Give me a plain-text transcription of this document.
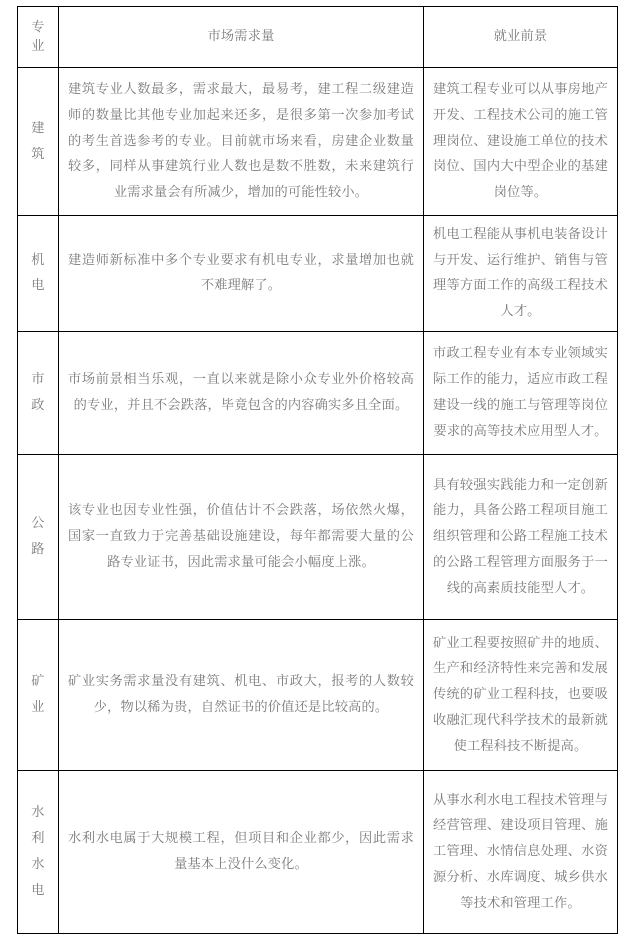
专业	市场需求量	就业前景
建筑	建筑专业人数最多，需求最大，最易考，建工程二级建造师的数量比其他专业加起来还多，是很多第一次参加考试的考生首选参考的专业。目前就市场来看，房建企业数量较多，同样从事建筑行业人数也是数不胜数，未来建筑行业需求量会有所减少，增加的可能性较小。	建筑工程专业可以从事房地产开发、工程技术公司的施工管理岗位、建设施工单位的技术岗位、国内大中型企业的基建岗位等。
机电	建造师新标准中多个专业要求有机电专业，求量增加也就不难理解了。	机电工程能从事机电装备设计与开发、运行维护、销售与管理等方面工作的高级工程技术人才。
市政	市场前景相当乐观，一直以来就是除小众专业外价格较高的专业，并且不会跌落，毕竟包含的内容确实多且全面。	市政工程专业有本专业领域实际工作的能力，适应市政工程建设一线的施工与管理等岗位要求的高等技术应用型人才。
公路	该专业也因专业性强，价值估计不会跌落，场依然火爆，国家一直致力于完善基础设施建设，每年都需要大量的公路专业证书，因此需求量可能会小幅度上涨。	具有较强实践能力和一定创新能力，具备公路工程项目施工组织管理和公路工程施工技术的公路工程管理方面服务于一线的高素质技能型人才。
矿业	矿业实务需求量没有建筑、机电、市政大，报考的人数较少，物以稀为贵，自然证书的价值还是比较高的。	矿业工程要按照矿井的地质、生产和经济特性来完善和发展传统的矿业工程科技，也要吸收融汇现代科学技术的最新就使工程科技不断提高。
水利水电	水利水电属于大规模工程，但项目和企业都少，因此需求量基本上没什么变化。	从事水利水电工程技术管理与经营管理、建设项目管理、施工管理、水情信息处理、水资源分析、水库调度、城乡供水等技术和管理工作。
